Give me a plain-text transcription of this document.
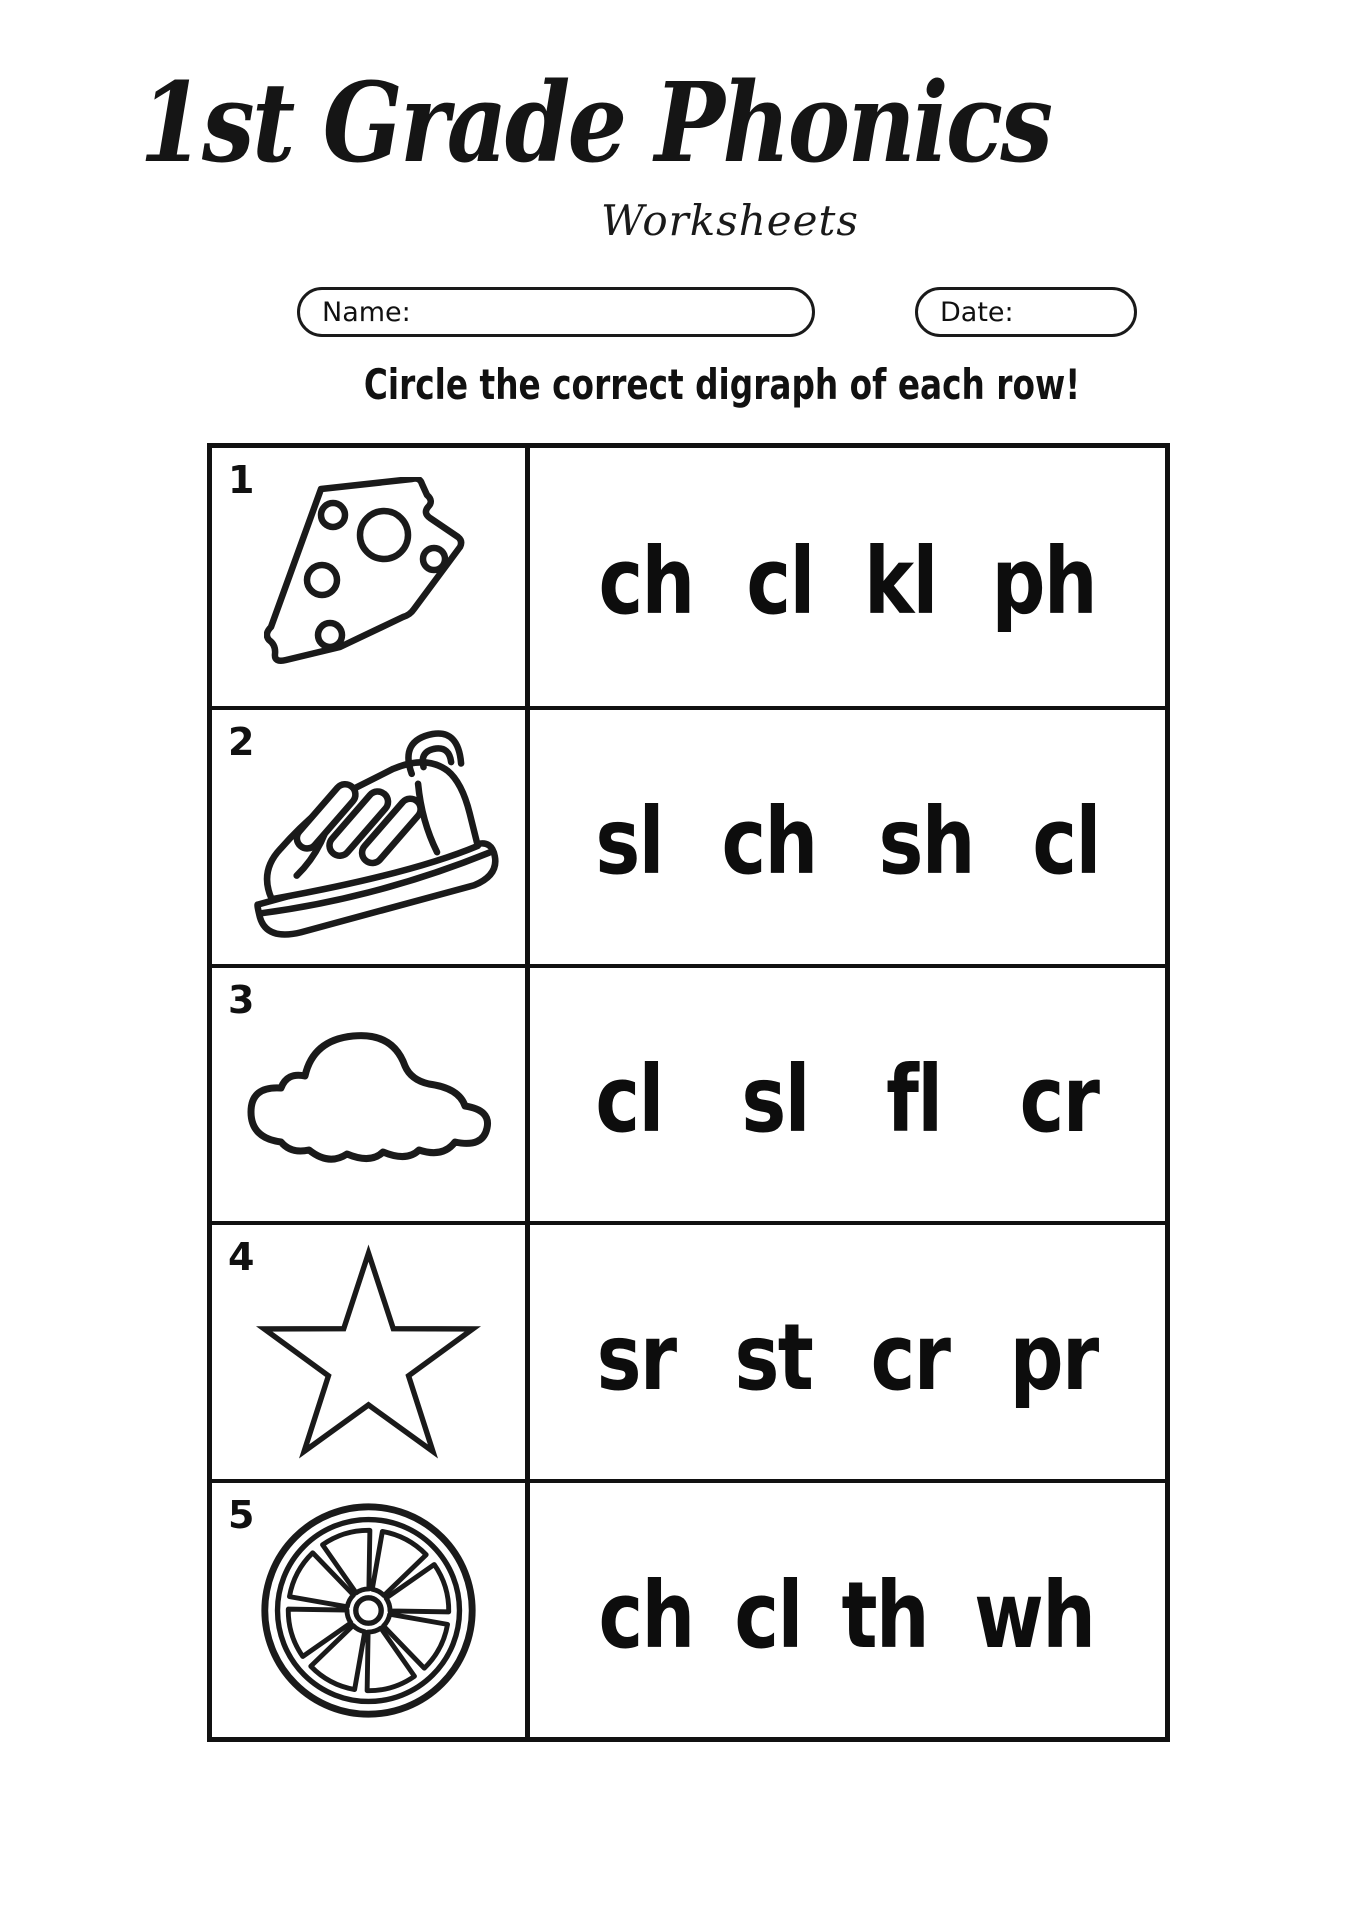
1st Grade Phonics
Worksheets
Name:	Date:
Circle the correct digraph of each row!
1
ch cl kl ph
2
sl ch sh cl
3
cl sl fl cr
4
sr st cr pr
5
ch cl th wh
